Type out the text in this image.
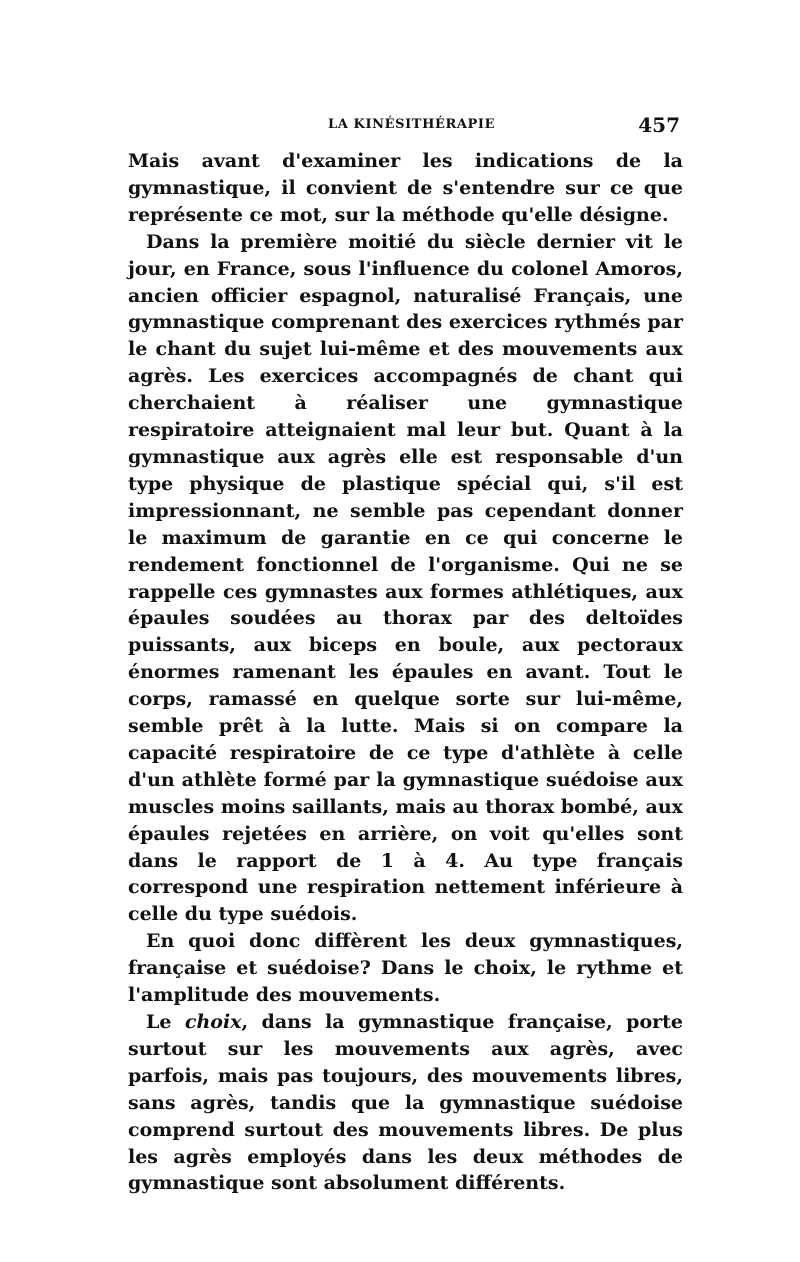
LA KINÉSITHÉRAPIE	457

Mais avant d'examiner les indications de la gymnastique, il convient de s'entendre sur ce que représente ce mot, sur la méthode qu'elle désigne.

Dans la première moitié du siècle dernier vit le jour, en France, sous l'influence du colonel Amoros, ancien officier espagnol, naturalisé Français, une gymnastique comprenant des exercices rythmés par le chant du sujet lui-même et des mouvements aux agrès. Les exercices accompagnés de chant qui cherchaient à réaliser une gymnastique respiratoire atteignaient mal leur but. Quant à la gymnastique aux agrès elle est responsable d'un type physique de plastique spécial qui, s'il est impressionnant, ne semble pas cependant donner le maximum de garantie en ce qui concerne le rendement fonctionnel de l'organisme. Qui ne se rappelle ces gymnastes aux formes athlétiques, aux épaules soudées au thorax par des deltoïdes puissants, aux biceps en boule, aux pectoraux énormes ramenant les épaules en avant. Tout le corps, ramassé en quelque sorte sur lui-même, semble prêt à la lutte. Mais si on compare la capacité respiratoire de ce type d'athlète à celle d'un athlète formé par la gymnastique suédoise aux muscles moins saillants, mais au thorax bombé, aux épaules rejetées en arrière, on voit qu'elles sont dans le rapport de 1 à 4. Au type français correspond une respiration nettement inférieure à celle du type suédois.

En quoi donc diffèrent les deux gymnastiques, française et suédoise? Dans le choix, le rythme et l'amplitude des mouvements.

Le choix, dans la gymnastique française, porte surtout sur les mouvements aux agrès, avec parfois, mais pas toujours, des mouvements libres, sans agrès, tandis que la gymnastique suédoise comprend surtout des mouvements libres. De plus les agrès employés dans les deux méthodes de gymnastique sont absolument différents.
